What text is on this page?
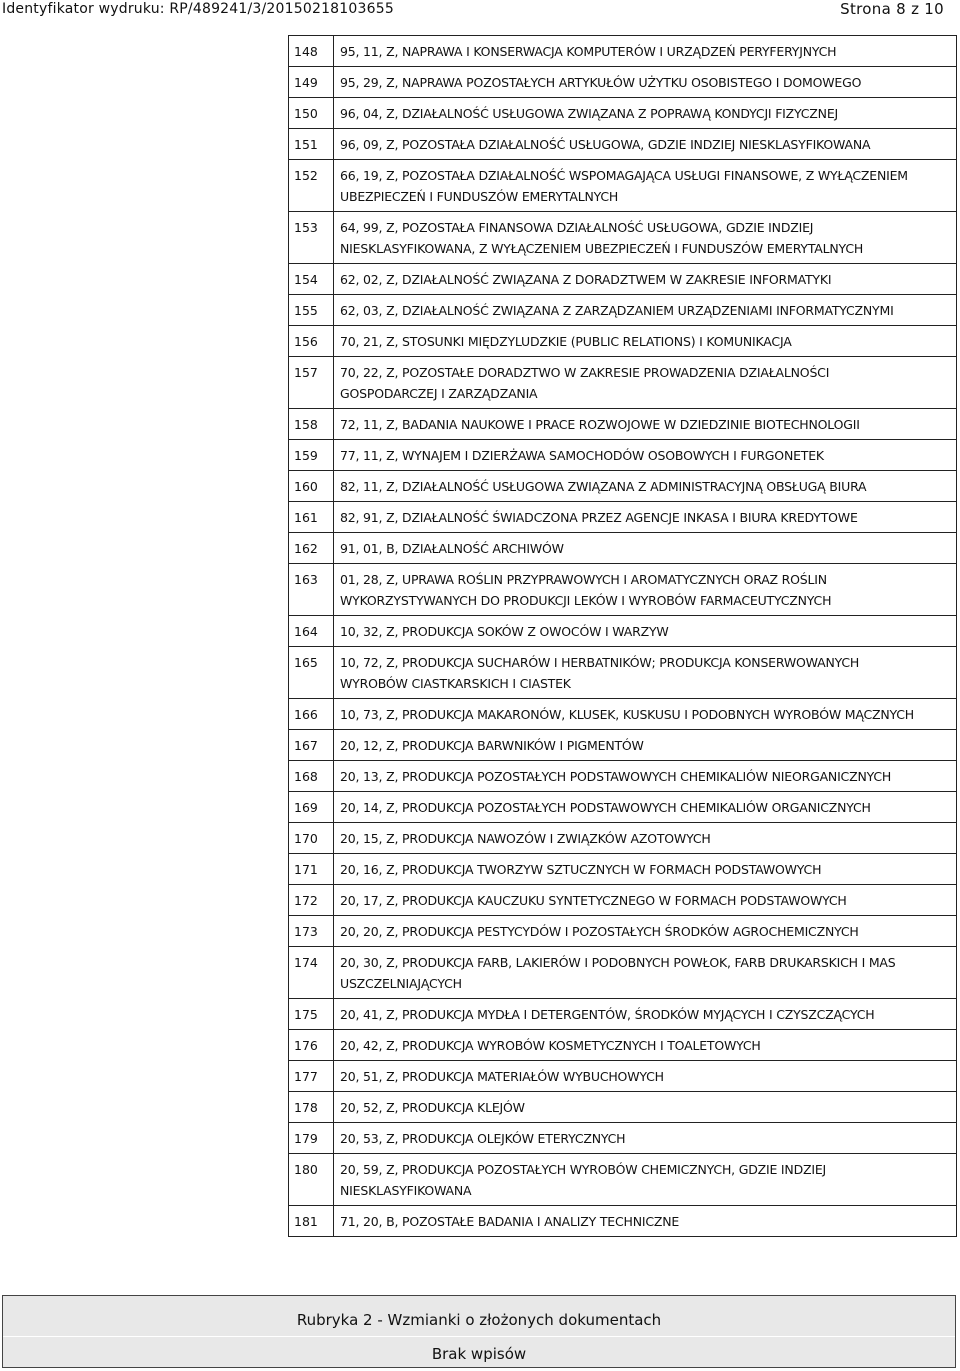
Identyfikator wydruku: RP/489241/3/20150218103655	Strona 8 z 10
148	95, 11, Z, NAPRAWA I KONSERWACJA KOMPUTERÓW I URZĄDZEŃ PERYFERYJNYCH
149	95, 29, Z, NAPRAWA POZOSTAŁYCH ARTYKUŁÓW UŻYTKU OSOBISTEGO I DOMOWEGO
150	96, 04, Z, DZIAŁALNOŚĆ USŁUGOWA ZWIĄZANA Z POPRAWĄ KONDYCJI FIZYCZNEJ
151	96, 09, Z, POZOSTAŁA DZIAŁALNOŚĆ USŁUGOWA, GDZIE INDZIEJ NIESKLASYFIKOWANA
152	66, 19, Z, POZOSTAŁA DZIAŁALNOŚĆ WSPOMAGAJĄCA USŁUGI FINANSOWE, Z WYŁĄCZENIEM
UBEZPIECZEŃ I FUNDUSZÓW EMERYTALNYCH
153	64, 99, Z, POZOSTAŁA FINANSOWA DZIAŁALNOŚĆ USŁUGOWA, GDZIE INDZIEJ
NIESKLASYFIKOWANA, Z WYŁĄCZENIEM UBEZPIECZEŃ I FUNDUSZÓW EMERYTALNYCH
154	62, 02, Z, DZIAŁALNOŚĆ ZWIĄZANA Z DORADZTWEM W ZAKRESIE INFORMATYKI
155	62, 03, Z, DZIAŁALNOŚĆ ZWIĄZANA Z ZARZĄDZANIEM URZĄDZENIAMI INFORMATYCZNYMI
156	70, 21, Z, STOSUNKI MIĘDZYLUDZKIE (PUBLIC RELATIONS) I KOMUNIKACJA
157	70, 22, Z, POZOSTAŁE DORADZTWO W ZAKRESIE PROWADZENIA DZIAŁALNOŚCI
GOSPODARCZEJ I ZARZĄDZANIA
158	72, 11, Z, BADANIA NAUKOWE I PRACE ROZWOJOWE W DZIEDZINIE BIOTECHNOLOGII
159	77, 11, Z, WYNAJEM I DZIERŻAWA SAMOCHODÓW OSOBOWYCH I FURGONETEK
160	82, 11, Z, DZIAŁALNOŚĆ USŁUGOWA ZWIĄZANA Z ADMINISTRACYJNĄ OBSŁUGĄ BIURA
161	82, 91, Z, DZIAŁALNOŚĆ ŚWIADCZONA PRZEZ AGENCJE INKASA I BIURA KREDYTOWE
162	91, 01, B, DZIAŁALNOŚĆ ARCHIWÓW
163	01, 28, Z, UPRAWA ROŚLIN PRZYPRAWOWYCH I AROMATYCZNYCH ORAZ ROŚLIN
WYKORZYSTYWANYCH DO PRODUKCJI LEKÓW I WYROBÓW FARMACEUTYCZNYCH
164	10, 32, Z, PRODUKCJA SOKÓW Z OWOCÓW I WARZYW
165	10, 72, Z, PRODUKCJA SUCHARÓW I HERBATNIKÓW; PRODUKCJA KONSERWOWANYCH
WYROBÓW CIASTKARSKICH I CIASTEK
166	10, 73, Z, PRODUKCJA MAKARONÓW, KLUSEK, KUSKUSU I PODOBNYCH WYROBÓW MĄCZNYCH
167	20, 12, Z, PRODUKCJA BARWNIKÓW I PIGMENTÓW
168	20, 13, Z, PRODUKCJA POZOSTAŁYCH PODSTAWOWYCH CHEMIKALIÓW NIEORGANICZNYCH
169	20, 14, Z, PRODUKCJA POZOSTAŁYCH PODSTAWOWYCH CHEMIKALIÓW ORGANICZNYCH
170	20, 15, Z, PRODUKCJA NAWOZÓW I ZWIĄZKÓW AZOTOWYCH
171	20, 16, Z, PRODUKCJA TWORZYW SZTUCZNYCH W FORMACH PODSTAWOWYCH
172	20, 17, Z, PRODUKCJA KAUCZUKU SYNTETYCZNEGO W FORMACH PODSTAWOWYCH
173	20, 20, Z, PRODUKCJA PESTYCYDÓW I POZOSTAŁYCH ŚRODKÓW AGROCHEMICZNYCH
174	20, 30, Z, PRODUKCJA FARB, LAKIERÓW I PODOBNYCH POWŁOK, FARB DRUKARSKICH I MAS
USZCZELNIAJĄCYCH
175	20, 41, Z, PRODUKCJA MYDŁA I DETERGENTÓW, ŚRODKÓW MYJĄCYCH I CZYSZCZĄCYCH
176	20, 42, Z, PRODUKCJA WYROBÓW KOSMETYCZNYCH I TOALETOWYCH
177	20, 51, Z, PRODUKCJA MATERIAŁÓW WYBUCHOWYCH
178	20, 52, Z, PRODUKCJA KLEJÓW
179	20, 53, Z, PRODUKCJA OLEJKÓW ETERYCZNYCH
180	20, 59, Z, PRODUKCJA POZOSTAŁYCH WYROBÓW CHEMICZNYCH, GDZIE INDZIEJ
NIESKLASYFIKOWANA
181	71, 20, B, POZOSTAŁE BADANIA I ANALIZY TECHNICZNE
Rubryka 2 - Wzmianki o złożonych dokumentach
Brak wpisów
